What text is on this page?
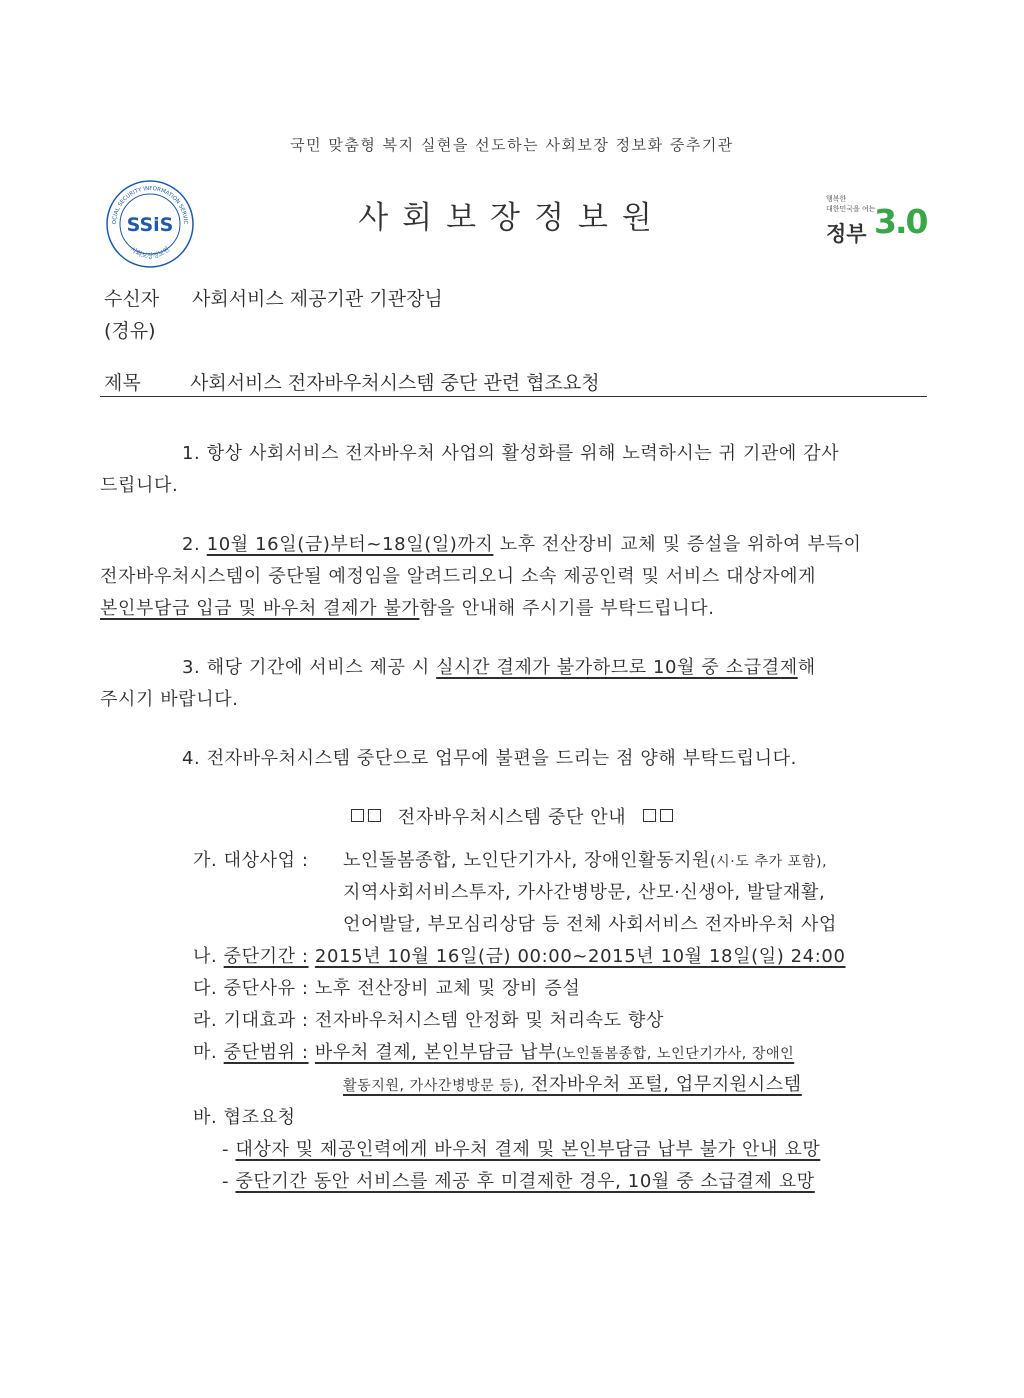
국민 맞춤형 복지 실현을 선도하는 사회보장 정보화 중추기관
OCIAL SECURITY INFORMATION SERVIC
사회보장정보원
SSiS	사회보장정보원
행복한
대한민국을 여는
정부 3.0
수신자 사회서비스 제공기관 기관장님
(경유)
제목	사회서비스 전자바우처시스템 중단 관련 협조요청
1. 항상 사회서비스 전자바우처 사업의 활성화를 위해 노력하시는 귀 기관에 감사
드립니다.
2. 10월 16일(금)부터~18일(일)까지 노후 전산장비 교체 및 증설을 위하여 부득이
전자바우처시스템이 중단될 예정임을 알려드리오니 소속 제공인력 및 서비스 대상자에게
본인부담금 입금 및 바우처 결제가 불가함을 안내해 주시기를 부탁드립니다.
3. 해당 기간에 서비스 제공 시 실시간 결제가 불가하므로 10월 중 소급결제해
주시기 바랍니다.
4. 전자바우처시스템 중단으로 업무에 불편을 드리는 점 양해 부탁드립니다.
전자바우처시스템 중단 안내
가. 대상사업 : 노인돌봄종합, 노인단기가사, 장애인활동지원(시·도 추가 포함),
지역사회서비스투자, 가사간병방문, 산모·신생아, 발달재활,
언어발달, 부모심리상담 등 전체 사회서비스 전자바우처 사업
나. 중단기간 : 2015년 10월 16일(금) 00:00~2015년 10월 18일(일) 24:00
다. 중단사유 : 노후 전산장비 교체 및 장비 증설
라. 기대효과 : 전자바우처시스템 안정화 및 처리속도 향상
마. 중단범위 : 바우처 결제, 본인부담금 납부(노인돌봄종합, 노인단기가사, 장애인
활동지원, 가사간병방문 등), 전자바우처 포털, 업무지원시스템
바. 협조요청
- 대상자 및 제공인력에게 바우처 결제 및 본인부담금 납부 불가 안내 요망
- 중단기간 동안 서비스를 제공 후 미결제한 경우, 10월 중 소급결제 요망
